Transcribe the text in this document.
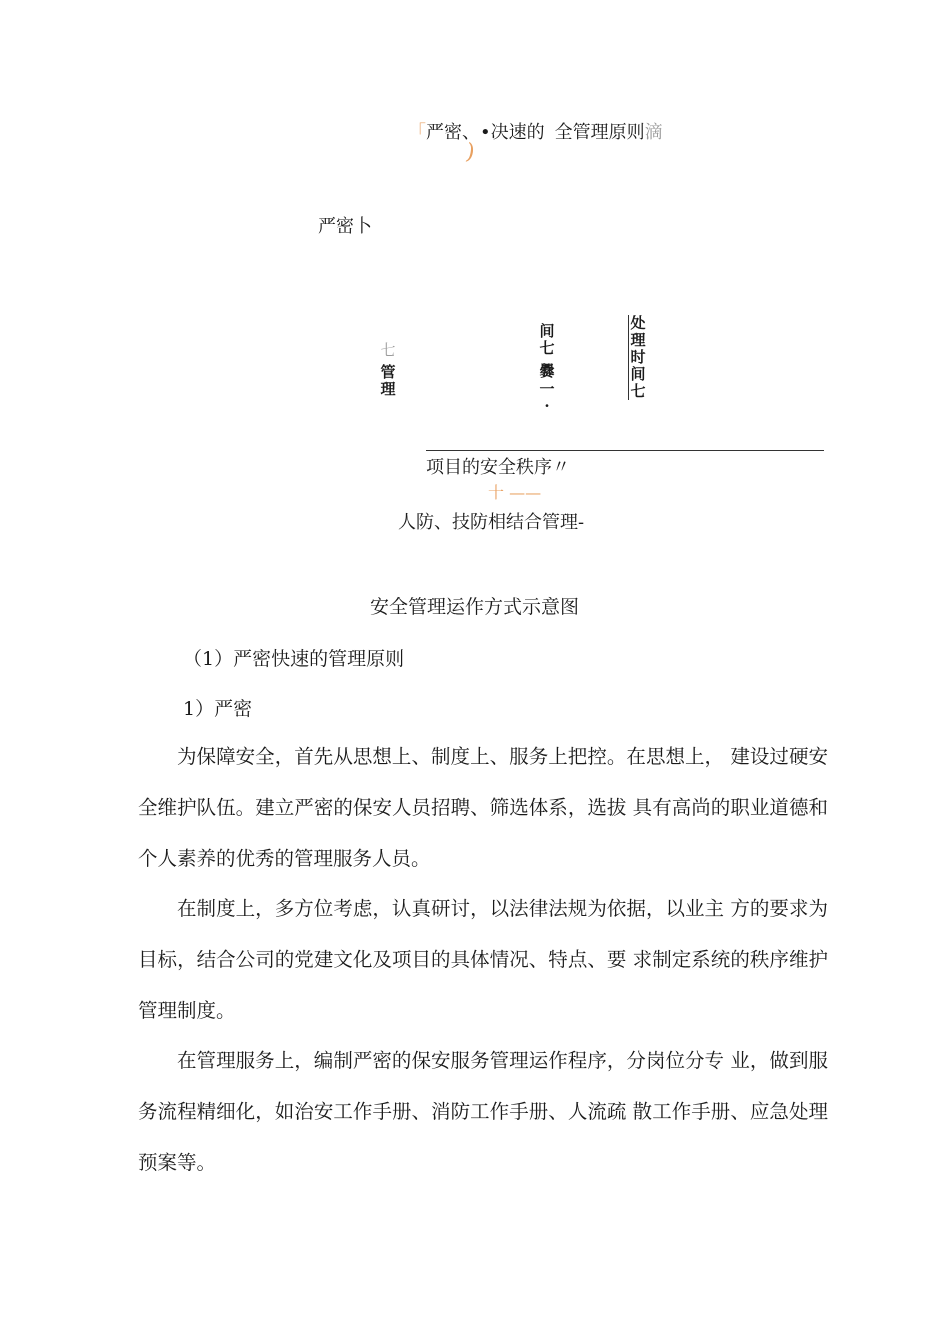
「严密、•决速的 全管理原则滴
)
严密卜
七
管理
间七
爨
一·
处理时间七
项目的安全秩序〃
十 ——
人防、技防相结合管理-
安全管理运作方式示意图
（1）严密快速的管理原则
1）严密
为保障安全，首先从思想上、制度上、服务上把控。在思想上， 建设过硬安全维护队伍。建立严密的保安人员招聘、筛选体系，选拔 具有高尚的职业道德和个人素养的优秀的管理服务人员。
在制度上，多方位考虑，认真研讨，以法律法规为依据，以业主 方的要求为目标，结合公司的党建文化及项目的具体情况、特点、要 求制定系统的秩序维护管理制度。
在管理服务上，编制严密的保安服务管理运作程序，分岗位分专 业，做到服务流程精细化，如治安工作手册、消防工作手册、人流疏 散工作手册、应急处理预案等。
